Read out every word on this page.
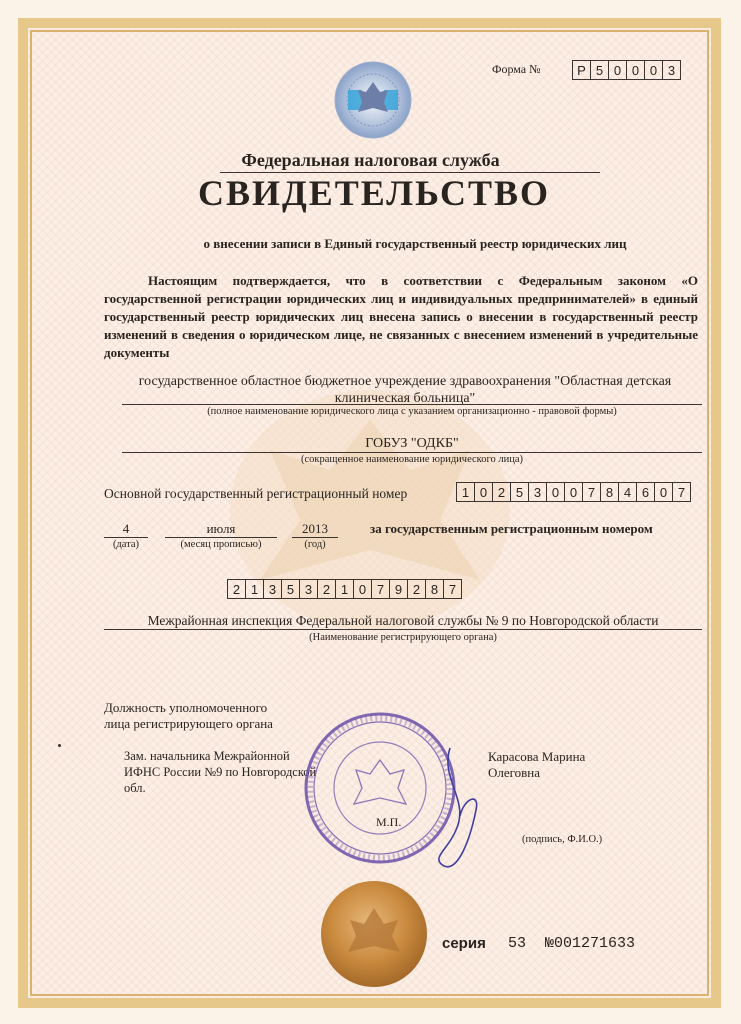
Форма №	Р 5 0 0 0 3
Федеральная налоговая служба
СВИДЕТЕЛЬСТВО
о внесении записи в Единый государственный реестр юридических лиц
Настоящим подтверждается, что в соответствии с Федеральным законом «О государственной регистрации юридических лиц и индивидуальных предпринимателей» в единый государственный реестр юридических лиц внесена запись о внесении в государственный реестр изменений в сведения о юридическом лице, не связанных с внесением изменений в учредительные документы
государственное областное бюджетное учреждение здравоохранения "Областная детская клиническая больница"
(полное наименование юридического лица с указанием организационно - правовой формы)
ГОБУЗ "ОДКБ"
(сокращенное наименование юридического лица)
Основной государственный регистрационный номер	1 0 2 5 3 0 0 7 8 4 6 0 7
4
(дата)
июля
(месяц прописью)
2013
(год)
за государственным регистрационным номером
2 1 3 5 3 2 1 0 7 9 2 8 7
Межрайонная инспекция Федеральной налоговой службы № 9 по Новгородской области
(Наименование регистрирующего органа)
Должность уполномоченного
лица регистрирующего органа
Зам. начальника Межрайонной
ИФНС России №9 по Новгородской
обл.
Карасова Марина
Олеговна
М.П.
(подпись, Ф.И.О.)
серия 53 №001271633
